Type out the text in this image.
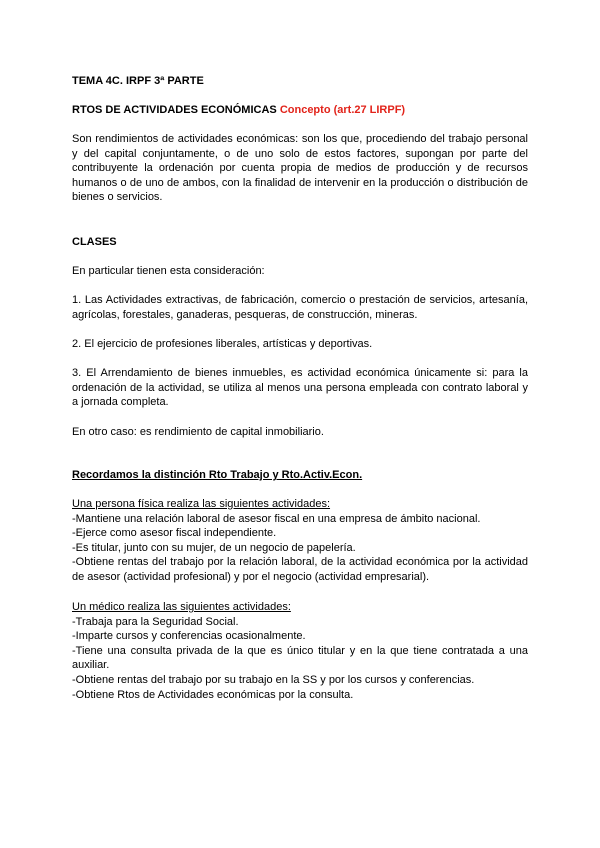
TEMA 4C. IRPF 3ª PARTE

RTOS DE ACTIVIDADES ECONÓMICAS Concepto (art.27 LIRPF)

Son rendimientos de actividades económicas: son los que, procediendo del trabajo personal y del capital conjuntamente, o de uno solo de estos factores, supongan por parte del contribuyente la ordenación por cuenta propia de medios de producción y de recursos humanos o de uno de ambos, con la finalidad de intervenir en la producción o distribución de bienes o servicios.

CLASES

En particular tienen esta consideración:

1. Las Actividades extractivas, de fabricación, comercio o prestación de servicios, artesanía, agrícolas, forestales, ganaderas, pesqueras, de construcción, mineras.

2. El ejercicio de profesiones liberales, artísticas y deportivas.

3. El Arrendamiento de bienes inmuebles, es actividad económica únicamente si: para la ordenación de la actividad, se utiliza al menos una persona empleada con contrato laboral y a jornada completa.

En otro caso: es rendimiento de capital inmobiliario.

Recordamos la distinción Rto Trabajo y Rto.Activ.Econ.

Una persona física realiza las siguientes actividades:

-Mantiene una relación laboral de asesor fiscal en una empresa de ámbito nacional.

-Ejerce como asesor fiscal independiente.

-Es titular, junto con su mujer, de un negocio de papelería.

-Obtiene rentas del trabajo por la relación laboral, de la actividad económica por la actividad de asesor (actividad profesional) y por el negocio (actividad empresarial).

Un médico realiza las siguientes actividades:

-Trabaja para la Seguridad Social.

-Imparte cursos y conferencias ocasionalmente.

-Tiene una consulta privada de la que es único titular y en la que tiene contratada a una auxiliar.

-Obtiene rentas del trabajo por su trabajo en la SS y por los cursos y conferencias.

-Obtiene Rtos de Actividades económicas por la consulta.
